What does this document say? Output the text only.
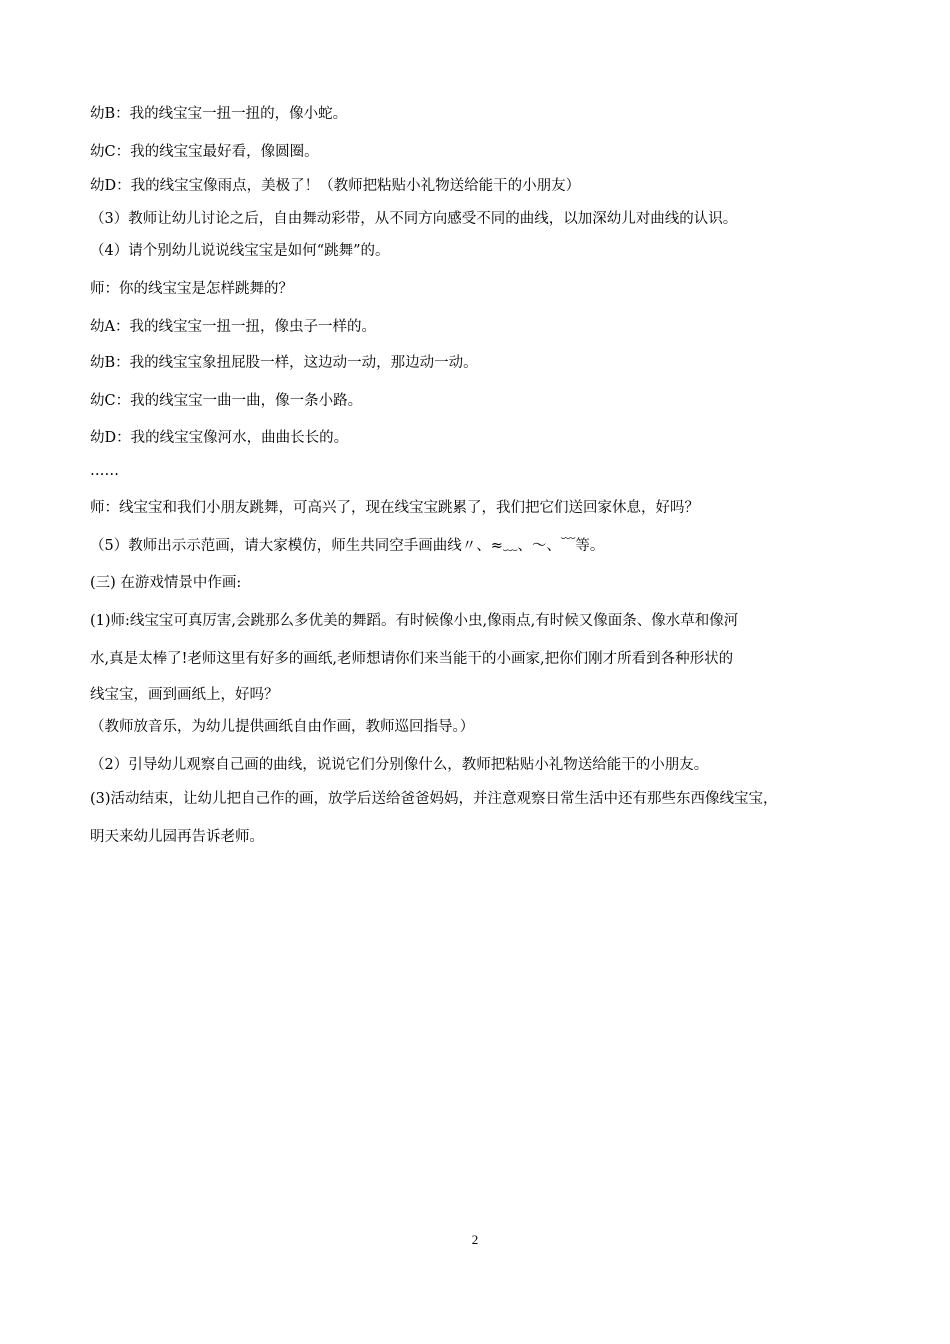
幼B：我的线宝宝一扭一扭的，像小蛇。
幼C：我的线宝宝最好看，像圆圈。
幼D：我的线宝宝像雨点，美极了！（教师把粘贴小礼物送给能干的小朋友）
（3）教师让幼儿讨论之后，自由舞动彩带，从不同方向感受不同的曲线，以加深幼儿对曲线的认识。
（4）请个别幼儿说说线宝宝是如何“跳舞”的。
师：你的线宝宝是怎样跳舞的？
幼A：我的线宝宝一扭一扭，像虫子一样的。
幼B：我的线宝宝象扭屁股一样，这边动一动，那边动一动。
幼C：我的线宝宝一曲一曲，像一条小路。
幼D：我的线宝宝像河水，曲曲长长的。
……
师：线宝宝和我们小朋友跳舞，可高兴了，现在线宝宝跳累了，我们把它们送回家休息，好吗？
（5）教师出示示范画，请大家模仿，师生共同空手画曲线〃、≈﹏、～、﹋等。
(三) 在游戏情景中作画:
(1)师:线宝宝可真厉害,会跳那么多优美的舞蹈。有时候像小虫,像雨点,有时候又像面条、像水草和像河
水,真是太棒了!老师这里有好多的画纸,老师想请你们来当能干的小画家,把你们刚才所看到各种形状的
线宝宝，画到画纸上，好吗？
（教师放音乐，为幼儿提供画纸自由作画，教师巡回指导。）
（2）引导幼儿观察自己画的曲线，说说它们分别像什么，教师把粘贴小礼物送给能干的小朋友。
(3)活动结束，让幼儿把自己作的画，放学后送给爸爸妈妈，并注意观察日常生活中还有那些东西像线宝宝，
明天来幼儿园再告诉老师。
2
